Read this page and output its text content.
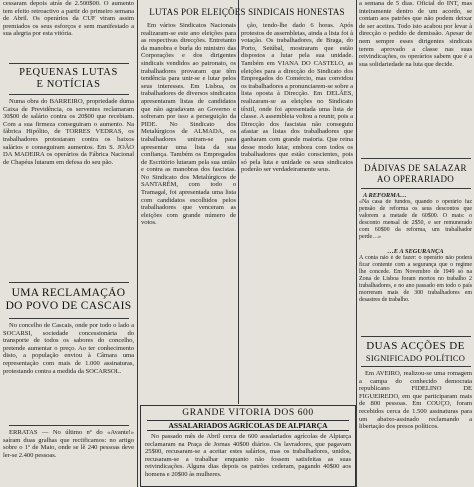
cessaram depois atrás de 2.500$00. O aumento tem efeito retroactivo a partir do primeiro semana de Abril. Os operários da CUF viram assim premiados os seus esforços e sem manifestado a sua alegria por esta vitória.

PEQUENAS LUTAS

E NOTÍCIAS

Numa obra do BARREIRO, propriedade duma Caixa de Previdência, os serventes reclamaram 30$00 de salário contra os 20$00 que recebiam. Com a sua firmeza conseguiram o aumento. Na fábrica Hipólito, de TORRES VEDRAS, os trabalhadores protestaram contra os baixos salários e conseguiram aumentos. Em S. JOÃO DA MADEIRA os operários da Fábrica Nacional de Chapéus lutaram em defesa do seu pão.

UMA RECLAMAÇÃO DO POVO DE CASCAIS

No concelho de Cascais, onde por todo o lado a SOCARSI, sociedade concessionária do transporte de todos os sabores do concelho, pretende aumentar o preço. Ao ter conhecimento disto, a população enviou à Câmara uma representação com mais de 1.000 assinaturas, protestando contra a medida da SOCARSOL.

ERRATAS — No último nº do «Avante!» saíram duas gralhas que rectificamos: no artigo sobre o 1º de Maio, onde se lê 240 pessoas deve ler-se 2.400 pessoas.

LUTAS POR ELEIÇÕES SINDICAIS HONESTAS

Em vários Sindicatos Nacionais realizaram-se este ano eleições para as respectivas direcções. Entretanto da manobra e burla do ministro das Corporações e dos dirigentes sindicais vendidos ao patronato, os trabalhadores provaram que têm tendência para unir-se e lutar pelos seus interesses. Em Lisboa, os trabalhadores de diversos sindicatos apresentaram listas de candidatos que não agradavam ao Governo e sofreram por isso a perseguição da PIDE. No Sindicato dos Metalúrgicos de ALMADA, os trabalhadores uniram-se para apresentar uma lista da sua confiança. Também os Empregados de Escritório lutaram pela sua união e contra as manobras dos fascistas. No Sindicato dos Metalúrgicos de SANTARÉM, com todo o Tramagal, foi apresentada uma lista com candidatos escolhidos pelos trabalhadores que venceram as eleições com grande número de votos.

ção, tendo-lhe dado 6 horas. Após protestos de assembleias, ainda a lista foi à votação. Os trabalhadores, de Braga, do Porto, Setúbal, mostraram que estão dispostos a lutar pela sua unidade. Também em VIANA DO CASTELO, as eleições para a direcção do Sindicato dos Empregados do Comércio, mas convidou os trabalhadores a pronunciarem-se sobre a lista oposta à Direcção. Em DELÃES, realizaram-se as eleições no Sindicato têxtil, onde foi apresentada uma lista de classe. A assembleia voltou a reunir, pois a Direcção dos fascistas não conseguiu afastar as listas dos trabalhadores que ganharam com grande maioria. Que reina desse modo lutar, embora com todos os trabalhadores que estão conscientes, pois só pela luta e unidade os seus sindicatos poderão ser verdadeiramente seus.

GRANDE VITÓRIA DOS 600

ASSALARIADOS AGRÍCOLAS DE ALPIARÇA

No passado mês de Abril cerca de 600 assalariados agrícolas de Alpiarça reclamaram na Praça de Jornas 40$00 diários. Os lavradores, que pagavam 25$00, recusaram-se a aceitar estes salários, mas os trabalhadores, unidos, recusaram-se a trabalhar enquanto não fossem satisfeitas as suas reivindicações. Alguns dias depois os patrões cederam, pagando 40$00 aos homens e 20$00 às mulheres.

a semana de 5 dias. Oficial do INT, mas inteiramente dentro de um acordo, se contam aos patrões que não podem deixar de ser aceites. Todo isto acabou por levar à direcção o pedido de demissão. Apesar de nem sempre esses dirigentes sindicais terem aprovado a classe nas suas reivindicações, os operários sabem que é a sua solidariedade na luta que decide.

DÁDIVAS DE SALAZAR

AO OPERARIADO

A REFORMA…

«Na casa de fundos, quando o operário faz pensão de reforma os seus descontos que valorem a metade de 60$00. O mais: o desconto mensal de 2$50, e ser remunerado com 60$00 da reforma, um trabalhador perde…»

…E A SEGURANÇA

A conta não é de fazer: o operário não poderá ficar contente com a segurança que o regime lhe concede. Em Novembro de 1949 só na Zona de Lisboa foram mortos no trabalho 2 trabalhadores, e no ano passado em todo o país morreram mais de 300 trabalhadores em desastres de trabalho.

DUAS ACÇÕES DE

SIGNIFICADO POLÍTICO

Em AVEIRO, realizou-se uma romagem a campa do conhecido democrata republicano FIDELINO DE FIGUEIREDO, em que participaram mais de 800 pessoas. Em COUÇO, foram recebidos cerca de 1.500 assinaturas para um abaixo-assinado reclamando a libertação dos presos políticos.
